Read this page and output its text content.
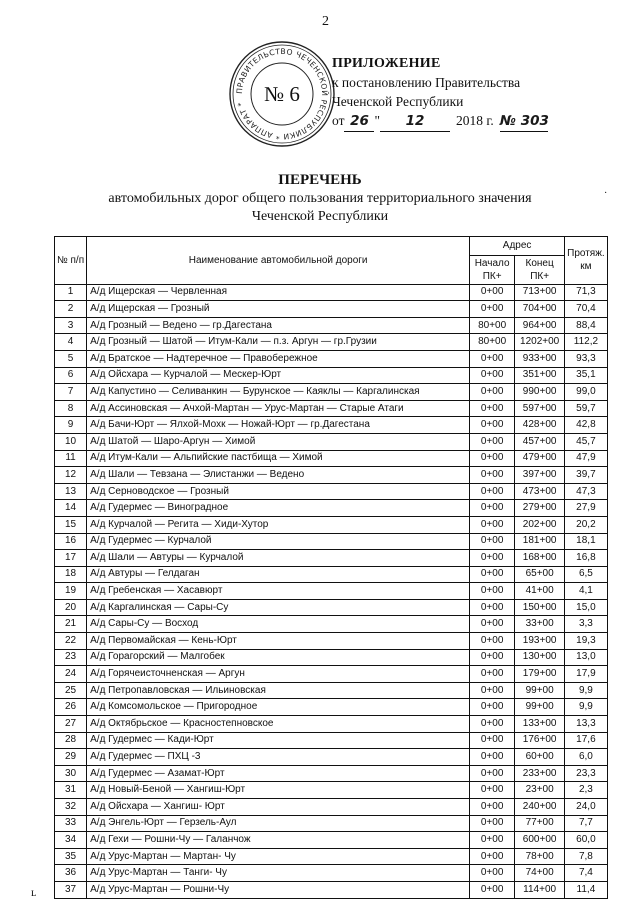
2
ПРАВИТЕЛЬСТВО ЧЕЧЕНСКОЙ РЕСПУБЛИКИ * АППАРАТ * № 6
ПРИЛОЖЕНИЕ
к постановлению Правительства
Чеченской Республики
от 26 "	12	2018 г. № 303
ПЕРЕЧЕНЬ
автомобильных дорог общего пользования территориального значения
Чеченской Республики
·
№ п/п	Наименование автомобильной дороги	Адрес		Протяж. км
		Начало ПК+	Конец ПК+	
1	А/д Ищерская — Червленная	0+00	713+00	71,3
2	А/д Ищерская — Грозный	0+00	704+00	70,4
3	А/д Грозный — Ведено — гр.Дагестана	80+00	964+00	88,4
4	А/д Грозный — Шатой — Итум-Кали — п.з. Аргун — гр.Грузии	80+00	1202+00	112,2
5	А/д Братское — Надтеречное — Правобережное	0+00	933+00	93,3
6	А/д Ойсхара — Курчалой — Мескер-Юрт	0+00	351+00	35,1
7	А/д Капустино — Селиванкин — Бурунское — Каяклы — Каргалинская	0+00	990+00	99,0
8	А/д Ассиновская — Ачхой-Мартан — Урус-Мартан — Старые Атаги	0+00	597+00	59,7
9	А/д Бачи-Юрт — Ялхой-Мохк — Ножай-Юрт — гр.Дагестана	0+00	428+00	42,8
10	А/д Шатой — Шаро-Аргун — Химой	0+00	457+00	45,7
11	А/д Итум-Кали — Альпийские пастбища — Химой	0+00	479+00	47,9
12	А/д Шали — Тевзана — Элистанжи — Ведено	0+00	397+00	39,7
13	А/д Серноводское — Грозный	0+00	473+00	47,3
14	А/д Гудермес — Виноградное	0+00	279+00	27,9
15	А/д Курчалой — Регита — Хиди-Хутор	0+00	202+00	20,2
16	А/д Гудермес — Курчалой	0+00	181+00	18,1
17	А/д Шали — Автуры — Курчалой	0+00	168+00	16,8
18	А/д Автуры — Гелдаган	0+00	65+00	6,5
19	А/д Гребенская — Хасавюрт	0+00	41+00	4,1
20	А/д Каргалинская — Сары-Су	0+00	150+00	15,0
21	А/д Сары-Су — Восход	0+00	33+00	3,3
22	А/д Первомайская — Кень-Юрт	0+00	193+00	19,3
23	А/д Горагорский — Малгобек	0+00	130+00	13,0
24	А/д Горячеисточненская — Аргун	0+00	179+00	17,9
25	А/д Петропавловская — Ильиновская	0+00	99+00	9,9
26	А/д Комсомольское — Пригородное	0+00	99+00	9,9
27	А/д Октябрьское — Красностепновское	0+00	133+00	13,3
28	А/д Гудермес — Кади-Юрт	0+00	176+00	17,6
29	А/д Гудермес — ПХЦ -3	0+00	60+00	6,0
30	А/д Гудермес — Азамат-Юрт	0+00	233+00	23,3
31	А/д Новый-Беной — Хангиш-Юрт	0+00	23+00	2,3
32	А/д Ойсхара — Хангиш- Юрт	0+00	240+00	24,0
33	А/д Энгель-Юрт — Герзель-Аул	0+00	77+00	7,7
34	А/д Гехи — Рошни-Чу — Галанчож	0+00	600+00	60,0
35	А/д Урус-Мартан — Мартан- Чу	0+00	78+00	7,8
36	А/д Урус-Мартан — Танги- Чу	0+00	74+00	7,4
37	А/д Урус-Мартан — Рошни-Чу	0+00	114+00	11,4
ʟ
